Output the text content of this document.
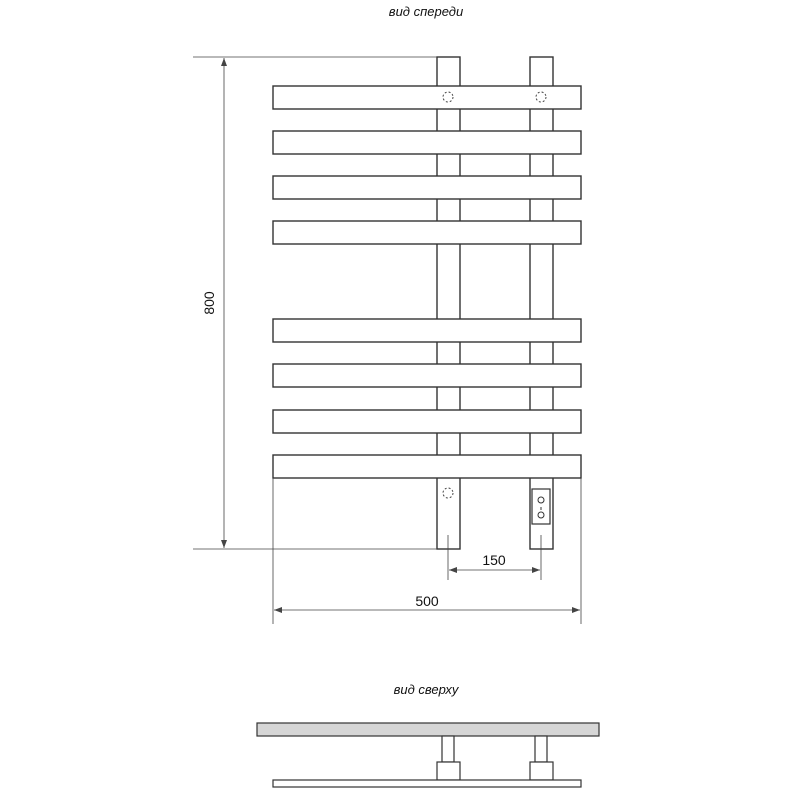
вид спереди
800
150
500
вид сверху
